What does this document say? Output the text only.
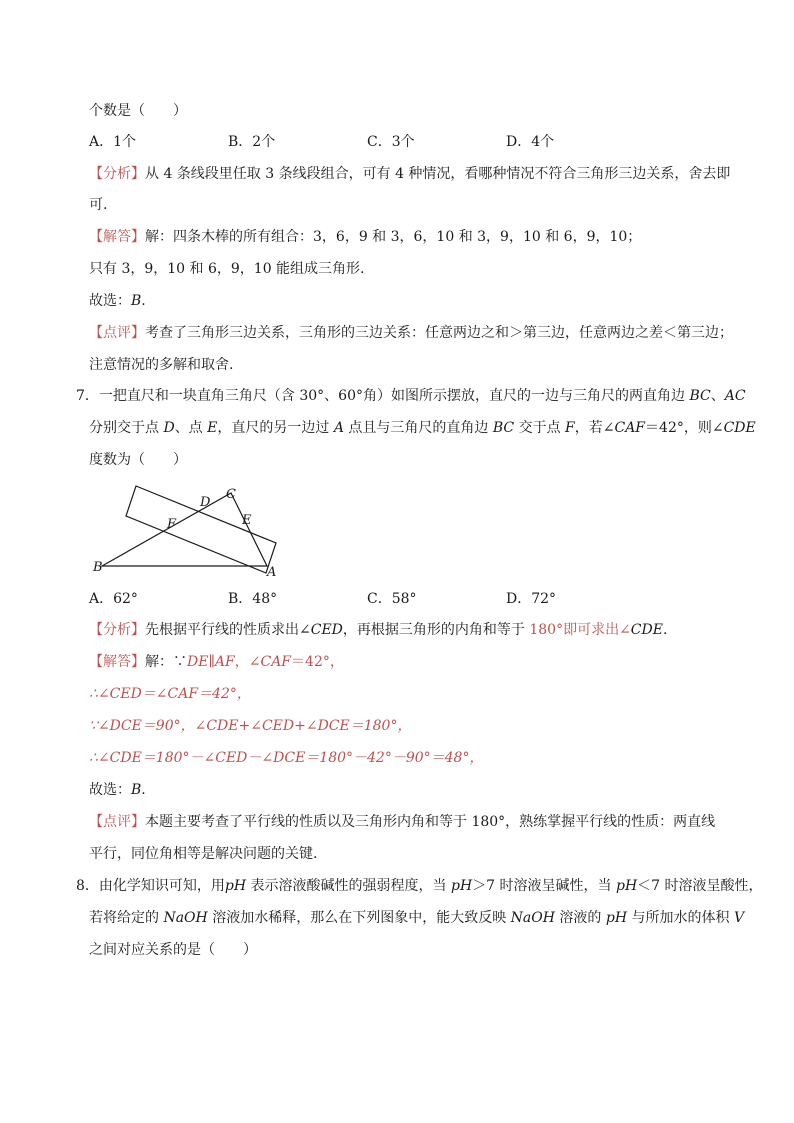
个数是（　　）
A．1个	B．2个	C．3个	D．4个
【分析】从 4 条线段里任取 3 条线段组合，可有 4 种情况，看哪种情况不符合三角形三边关系，舍去即
可.
【解答】解：四条木棒的所有组合：3，6，9 和 3，6，10 和 3，9，10 和 6，9，10；
只有 3，9，10 和 6，9，10 能组成三角形.
故选：B.
【点评】考查了三角形三边关系，三角形的三边关系：任意两边之和＞第三边，任意两边之差＜第三边；
注意情况的多解和取舍.
7．一把直尺和一块直角三角尺（含 30°、60°角）如图所示摆放，直尺的一边与三角尺的两直角边 BC、AC
分别交于点 D、点 E，直尺的另一边过 A 点且与三角尺的直角边 BC 交于点 F，若∠CAF＝42°，则∠CDE
度数为（　　）
B	A
C
D
E
F
A．62°	B．48°	C．58°	D．72°
【分析】先根据平行线的性质求出∠CED，再根据三角形的内角和等于 180°即可求出∠CDE.
【解答】解：∵DE∥AF，∠CAF＝42°，
∴∠CED＝∠CAF＝42°，
∵∠DCE＝90°，∠CDE+∠CED+∠DCE＝180°，
∴∠CDE＝180°－∠CED－∠DCE＝180°－42°－90°＝48°，
故选：B.
【点评】本题主要考查了平行线的性质以及三角形内角和等于 180°，熟练掌握平行线的性质：两直线
平行，同位角相等是解决问题的关键.
8．由化学知识可知，用pH 表示溶液酸碱性的强弱程度，当 pH＞7 时溶液呈碱性，当 pH＜7 时溶液呈酸性，
若将给定的 NaOH 溶液加水稀释，那么在下列图象中，能大致反映 NaOH 溶液的 pH 与所加水的体积 V
之间对应关系的是（　　）
